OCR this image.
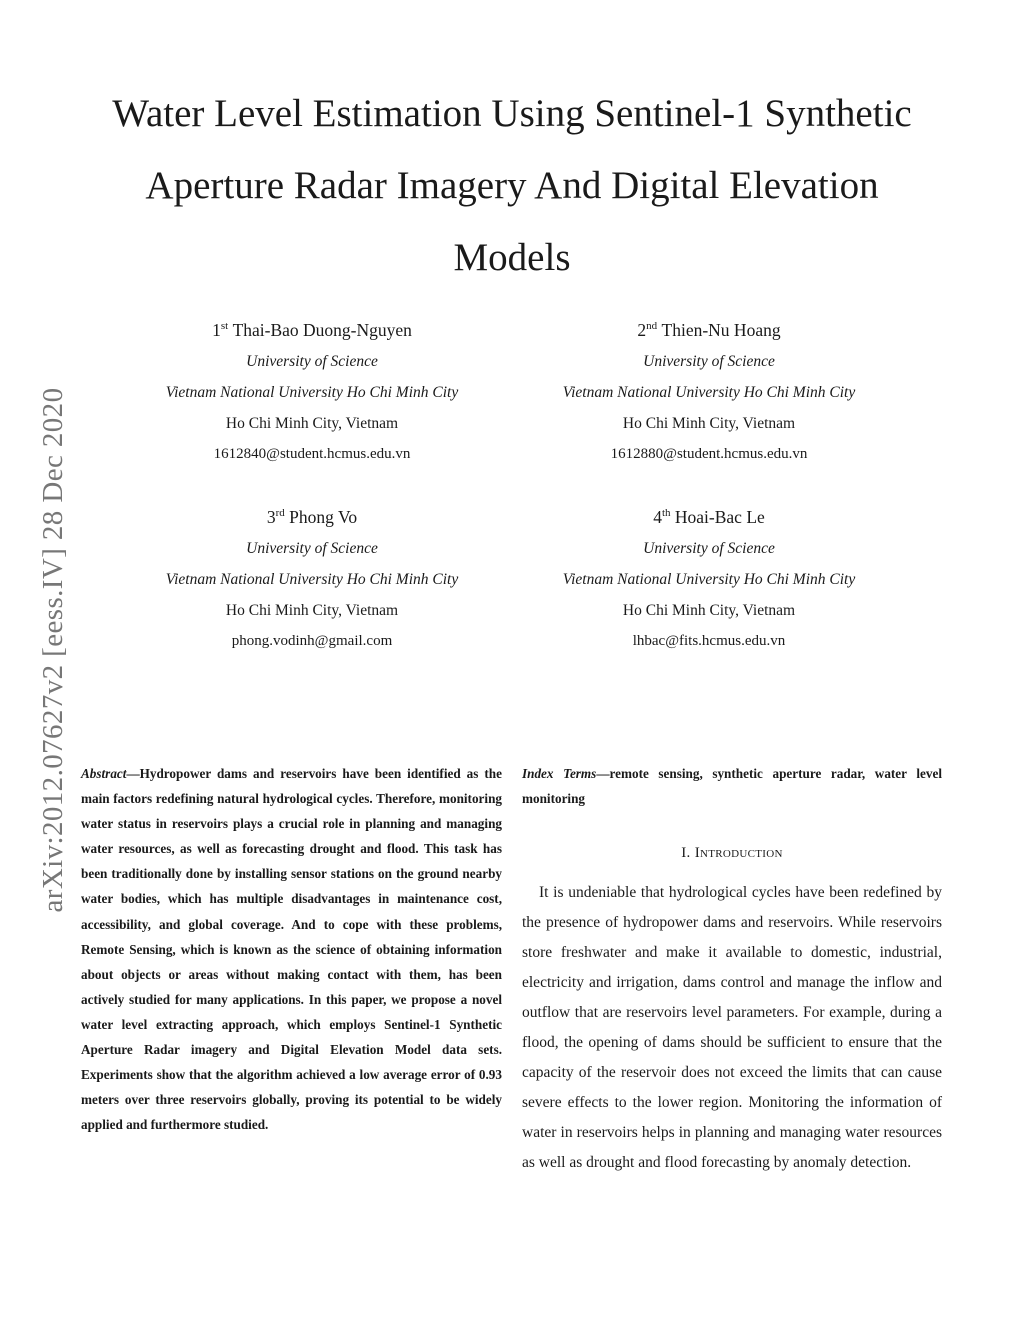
Water Level Estimation Using Sentinel-1 Synthetic Aperture Radar Imagery And Digital Elevation Models
arXiv:2012.07627v2 [eess.IV] 28 Dec 2020
1st Thai-Bao Duong-Nguyen
University of Science
Vietnam National University Ho Chi Minh City
Ho Chi Minh City, Vietnam
1612840@student.hcmus.edu.vn
2nd Thien-Nu Hoang
University of Science
Vietnam National University Ho Chi Minh City
Ho Chi Minh City, Vietnam
1612880@student.hcmus.edu.vn
3rd Phong Vo
University of Science
Vietnam National University Ho Chi Minh City
Ho Chi Minh City, Vietnam
phong.vodinh@gmail.com
4th Hoai-Bac Le
University of Science
Vietnam National University Ho Chi Minh City
Ho Chi Minh City, Vietnam
lhbac@fits.hcmus.edu.vn

Abstract—Hydropower dams and reservoirs have been identified as the main factors redefining natural hydrological cycles. Therefore, monitoring water status in reservoirs plays a crucial role in planning and managing water resources, as well as forecasting drought and flood. This task has been traditionally done by installing sensor stations on the ground nearby water bodies, which has multiple disadvantages in maintenance cost, accessibility, and global coverage. And to cope with these problems, Remote Sensing, which is known as the science of obtaining information about objects or areas without making contact with them, has been actively studied for many applications. In this paper, we propose a novel water level extracting approach, which employs Sentinel-1 Synthetic Aperture Radar imagery and Digital Elevation Model data sets. Experiments show that the algorithm achieved a low average error of 0.93 meters over three reservoirs globally, proving its potential to be widely applied and furthermore studied.

Index Terms—remote sensing, synthetic aperture radar, water level monitoring

I. Introduction

It is undeniable that hydrological cycles have been redefined by the presence of hydropower dams and reservoirs. While reservoirs store freshwater and make it available to domestic, industrial, electricity and irrigation, dams control and manage the inflow and outflow that are reservoirs level parameters. For example, during a flood, the opening of dams should be sufficient to ensure that the capacity of the reservoir does not exceed the limits that can cause severe effects to the lower region. Monitoring the information of water in reservoirs helps in planning and managing water resources as well as drought and flood forecasting by anomaly detection.
